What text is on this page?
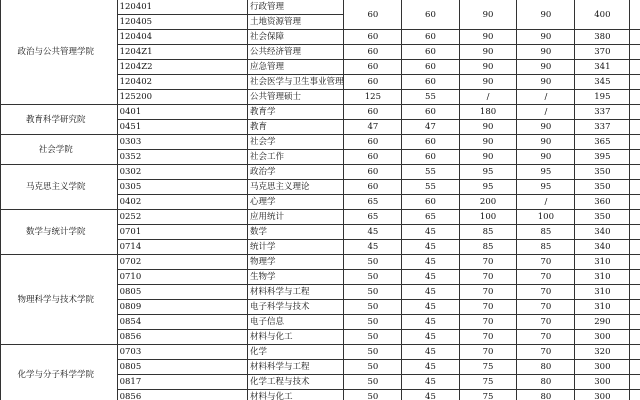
政治与公共管理学院	120401	行政管理	60	60	90	90	400	
	120405	土地资源管理						
	120404	社会保障	60	60	90	90	380	
	1204Z1	公共经济管理	60	60	90	90	370	
	1204Z2	应急管理	60	60	90	90	341	
	120402	社会医学与卫生事业管理	60	60	90	90	345	
	125200	公共管理硕士	125	55	/	/	195	
教育科学研究院	0401	教育学	60	60	180	/	337	
	0451	教育	47	47	90	90	337	
社会学院	0303	社会学	60	60	90	90	365	
	0352	社会工作	60	60	90	90	395	
马克思主义学院	0302	政治学	60	55	95	95	350	
	0305	马克思主义理论	60	55	95	95	350	
	0402	心理学	65	60	200	/	360	
数学与统计学院	0252	应用统计	65	65	100	100	350	
	0701	数学	45	45	85	85	340	
	0714	统计学	45	45	85	85	340	
物理科学与技术学院	0702	物理学	50	45	70	70	310	
	0710	生物学	50	45	70	70	310	
	0805	材料科学与工程	50	45	70	70	310	
	0809	电子科学与技术	50	45	70	70	310	
	0854	电子信息	50	45	70	70	290	
	0856	材料与化工	50	45	70	70	300	
化学与分子科学学院	0703	化学	50	45	70	70	320	
	0805	材料科学与工程	50	45	75	80	300	
	0817	化学工程与技术	50	45	75	80	300	
	0856	材料与化工	50	45	75	80	300	
